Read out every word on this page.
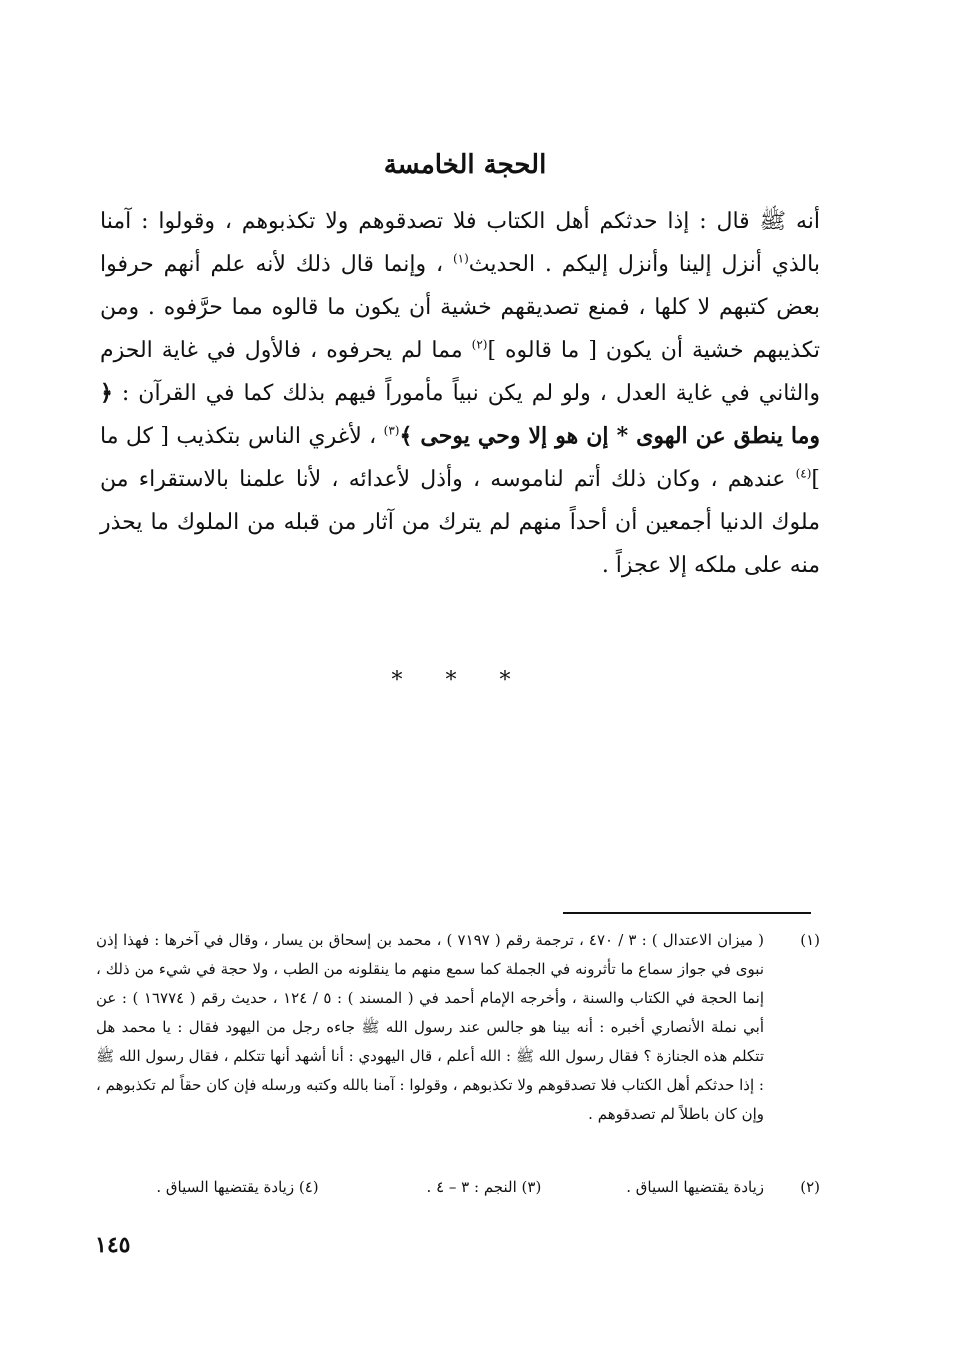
الحجة الخامسة

أنه ﷺ قال : إذا حدثكم أهل الكتاب فلا تصدقوهم ولا تكذبوهم ، وقولوا : آمنا بالذي أنزل إلينا وأنزل إليكم . الحديث$^{(١)}$ ، وإنما قال ذلك لأنه علم أنهم حرفوا بعض كتبهم لا كلها ، فمنع تصديقهم خشية أن يكون ما قالوه مما حرَّفوه . ومن تكذيبهم خشية أن يكون [ ما قالوه ]$^{(٢)}$ مما لم يحرفوه ، فالأول في غاية الحزم والثاني في غاية العدل ، ولو لم يكن نبياً مأموراً فيهم بذلك كما في القرآن : ﴿ وما ينطق عن الهوى * إن هو إلا وحي يوحى ﴾$^{(٣)}$ ، لأغري الناس بتكذيب [ كل ما ]$^{(٤)}$ عندهم ، وكان ذلك أتم لناموسه ، وأذل لأعدائه ، لأنا علمنا بالاستقراء من ملوك الدنيا أجمعين أن أحداً منهم لم يترك من آثار من قبله من الملوك ما يحذر منه على ملكه إلا عجزاً .

* * *
(١)
( ميزان الاعتدال ) : ٣ / ٤٧٠ ، ترجمة رقم ( ٧١٩٧ ) ، محمد بن إسحاق بن يسار ، وقال في آخرها : فهذا إذن نبوى في جواز سماع ما تأثرونه في الجملة كما سمع منهم ما ينقلونه من الطب ، ولا حجة في شيء من ذلك ، إنما الحجة في الكتاب والسنة ، وأخرجه الإمام أحمد في ( المسند ) : ٥ / ١٢٤ ، حديث رقم ( ١٦٧٧٤ ) : عن أبي نملة الأنصاري أخبره : أنه بينا هو جالس عند رسول الله ﷺ جاءه رجل من اليهود فقال : يا محمد هل تتكلم هذه الجنازة ؟ فقال رسول الله ﷺ : الله أعلم ، قال اليهودي : أنا أشهد أنها تتكلم ، فقال رسول الله ﷺ : إذا حدثكم أهل الكتاب فلا تصدقوهم ولا تكذبوهم ، وقولوا : آمنا بالله وكتبه ورسله فإن كان حقاً لم تكذبوهم ، وإن كان باطلاً لم تصدقوهم .
(٢)
زيادة يقتضيها السياق .
(٣) النجم : ٣ – ٤ .
(٤) زيادة يقتضيها السياق .
١٤٥
